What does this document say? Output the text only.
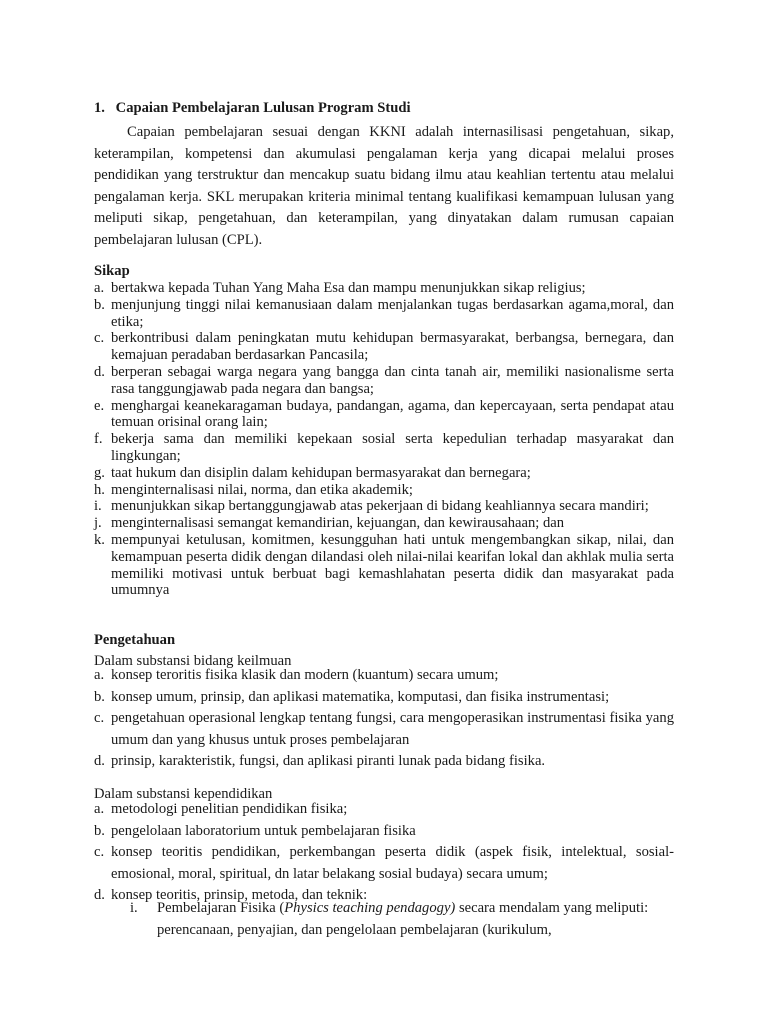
1. Capaian Pembelajaran Lulusan Program Studi
Capaian pembelajaran sesuai dengan KKNI adalah internasilisasi pengetahuan, sikap, keterampilan, kompetensi dan akumulasi pengalaman kerja yang dicapai melalui proses pendidikan yang terstruktur dan mencakup suatu bidang ilmu atau keahlian tertentu atau melalui pengalaman kerja. SKL merupakan kriteria minimal tentang kualifikasi kemampuan lulusan yang meliputi sikap, pengetahuan, dan keterampilan, yang dinyatakan dalam rumusan capaian pembelajaran lulusan (CPL).
Sikap
a. bertakwa kepada Tuhan Yang Maha Esa dan mampu menunjukkan sikap religius;
b. menjunjung tinggi nilai kemanusiaan dalam menjalankan tugas berdasarkan agama,moral, dan etika;
c. berkontribusi dalam peningkatan mutu kehidupan bermasyarakat, berbangsa, bernegara, dan kemajuan peradaban berdasarkan Pancasila;
d. berperan sebagai warga negara yang bangga dan cinta tanah air, memiliki nasionalisme serta rasa tanggungjawab pada negara dan bangsa;
e. menghargai keanekaragaman budaya, pandangan, agama, dan kepercayaan, serta pendapat atau temuan orisinal orang lain;
f. bekerja sama dan memiliki kepekaan sosial serta kepedulian terhadap masyarakat dan lingkungan;
g. taat hukum dan disiplin dalam kehidupan bermasyarakat dan bernegara;
h. menginternalisasi nilai, norma, dan etika akademik;
i. menunjukkan sikap bertanggungjawab atas pekerjaan di bidang keahliannya secara mandiri;
j. menginternalisasi semangat kemandirian, kejuangan, dan kewirausahaan; dan
k. mempunyai ketulusan, komitmen, kesungguhan hati untuk mengembangkan sikap, nilai, dan kemampuan peserta didik dengan dilandasi oleh nilai-nilai kearifan lokal dan akhlak mulia serta memiliki motivasi untuk berbuat bagi kemashlahatan peserta didik dan masyarakat pada umumnya
Pengetahuan
Dalam substansi bidang keilmuan
a. konsep teroritis fisika klasik dan modern (kuantum) secara umum;
b. konsep umum, prinsip, dan aplikasi matematika, komputasi, dan fisika instrumentasi;
c. pengetahuan operasional lengkap tentang fungsi, cara mengoperasikan instrumentasi fisika yang umum dan yang khusus untuk proses pembelajaran
d. prinsip, karakteristik, fungsi, dan aplikasi piranti lunak pada bidang fisika.
Dalam substansi kependidikan
a. metodologi penelitian pendidikan fisika;
b. pengelolaan laboratorium untuk pembelajaran fisika
c. konsep teoritis pendidikan, perkembangan peserta didik (aspek fisik, intelektual, sosial-emosional, moral, spiritual, dn latar belakang sosial budaya) secara umum;
d. konsep teoritis, prinsip, metoda, dan teknik:
i. Pembelajaran Fisika (Physics teaching pendagogy) secara mendalam yang meliputi: perencanaan, penyajian, dan pengelolaan pembelajaran (kurikulum,
